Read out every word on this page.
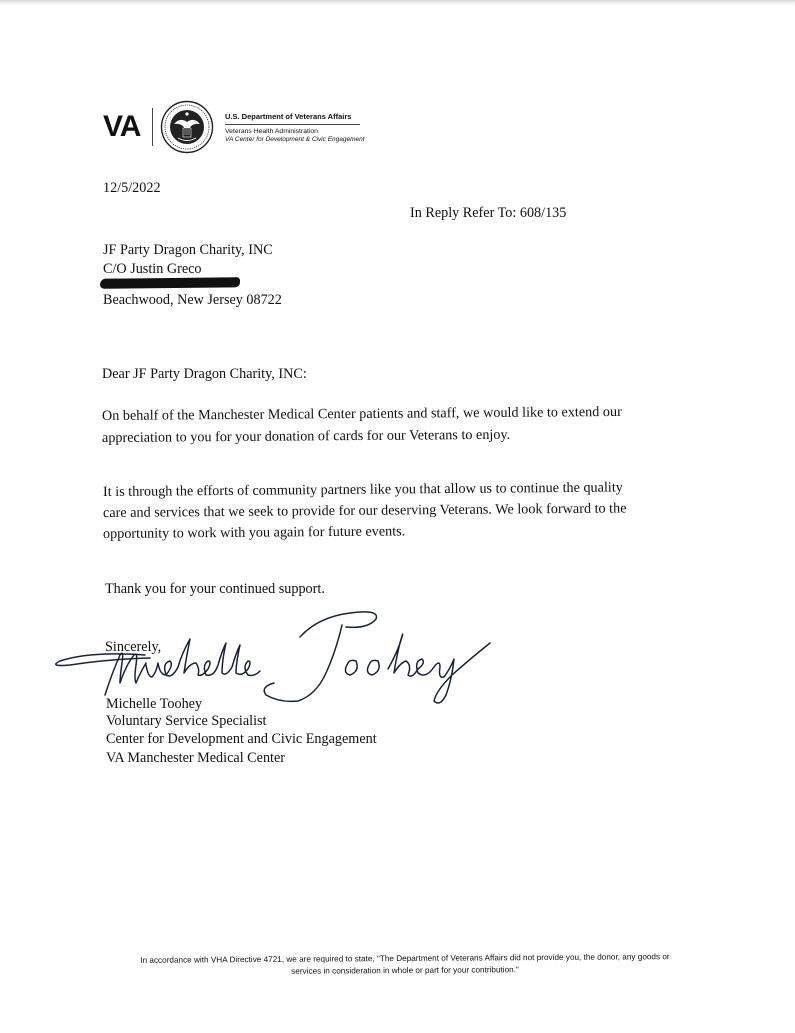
VA	U.S. Department of Veterans Affairs
Veterans Health Administration
VA Center for Development & Civic Engagement
12/5/2022
In Reply Refer To: 608/135
JF Party Dragon Charity, INC
C/O Justin Greco
Beachwood, New Jersey 08722
Dear JF Party Dragon Charity, INC:
On behalf of the Manchester Medical Center patients and staff, we would like to extend our
appreciation to you for your donation of cards for our Veterans to enjoy.
It is through the efforts of community partners like you that allow us to continue the quality
care and services that we seek to provide for our deserving Veterans. We look forward to the
opportunity to work with you again for future events.
Thank you for your continued support.
Sincerely,
Michelle Toohey
Voluntary Service Specialist
Center for Development and Civic Engagement
VA Manchester Medical Center
In accordance with VHA Directive 4721, we are required to state, "The Department of Veterans Affairs did not provide you, the donor, any goods or
services in consideration in whole or part for your contribution."
